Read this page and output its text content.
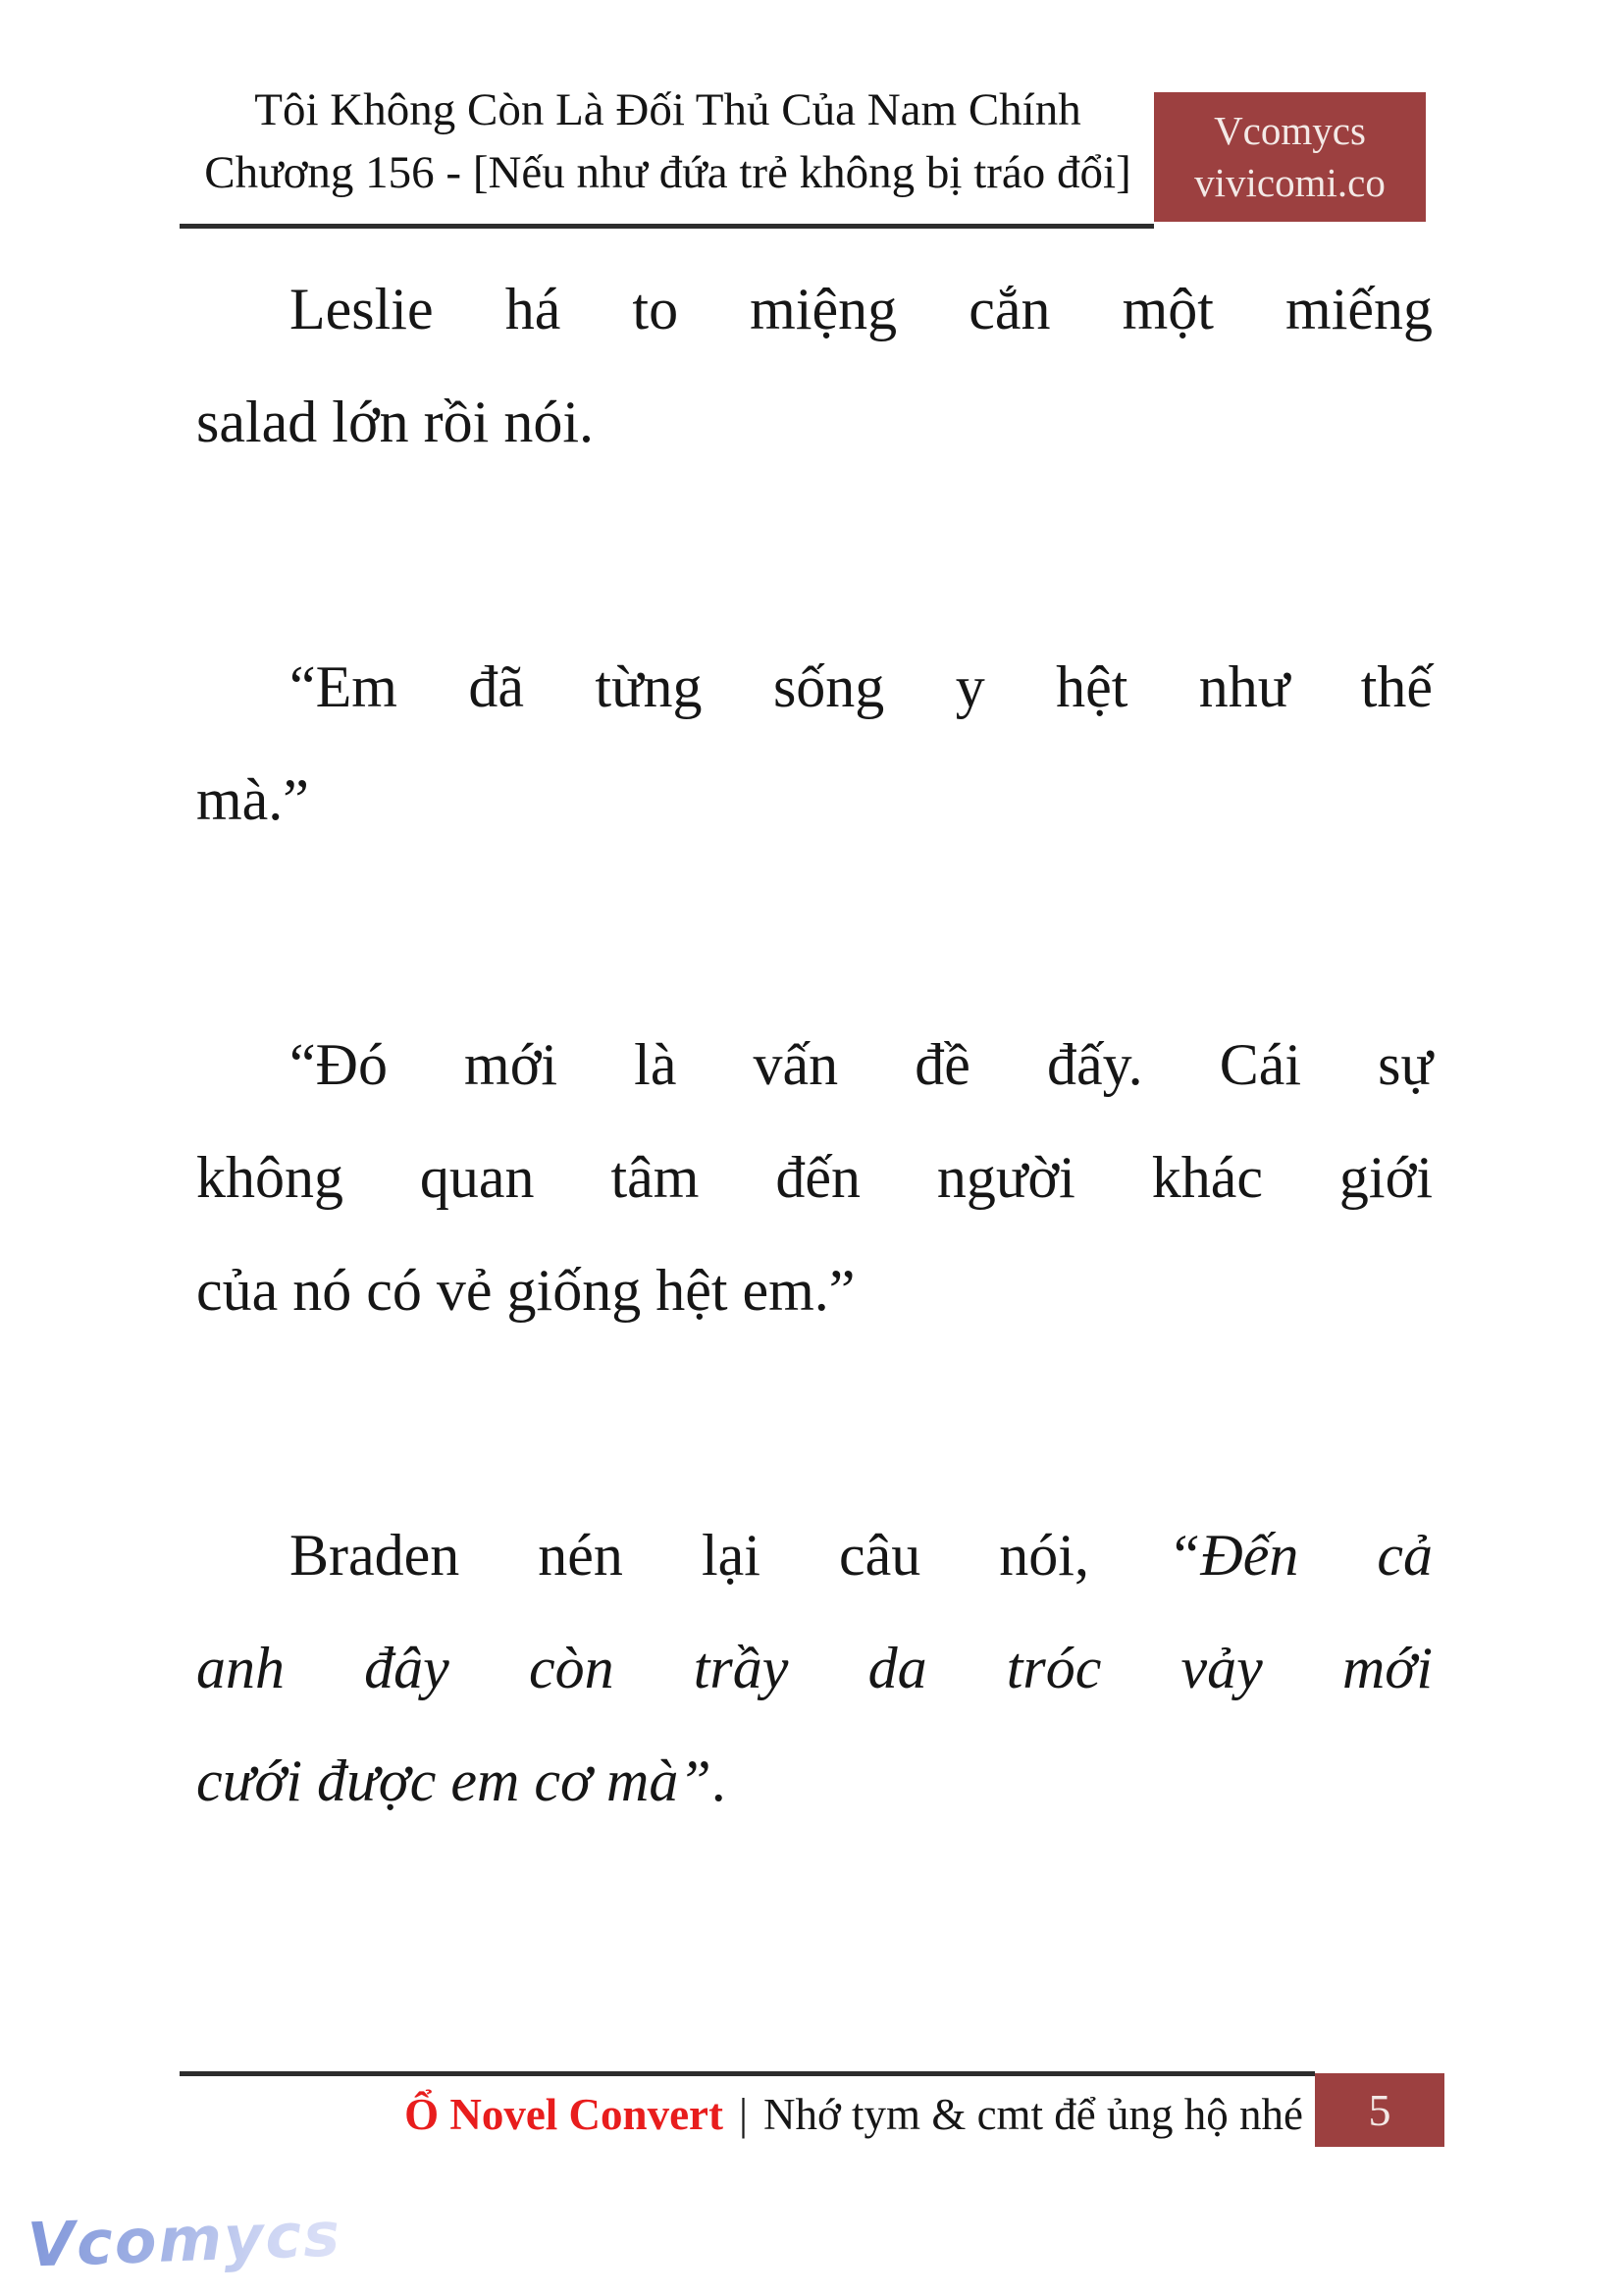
Tôi Không Còn Là Đối Thủ Của Nam Chính
Chương 156 - [Nếu như đứa trẻ không bị tráo đổi]
Vcomycs
vivicomi.co
Leslie há to miệng cắn một miếng
salad lớn rồi nói.
“Em đã từng sống y hệt như thế
mà.”
“Đó mới là vấn đề đấy. Cái sự
không quan tâm đến người khác giới
của nó có vẻ giống hệt em.”
Braden nén lại câu nói, “Đến cả
anh đây còn trầy da tróc vảy mới
cưới được em cơ mà”.
Ổ Novel Convert | Nhớ tym & cmt để ủng hộ nhé 5
Vcomycs
